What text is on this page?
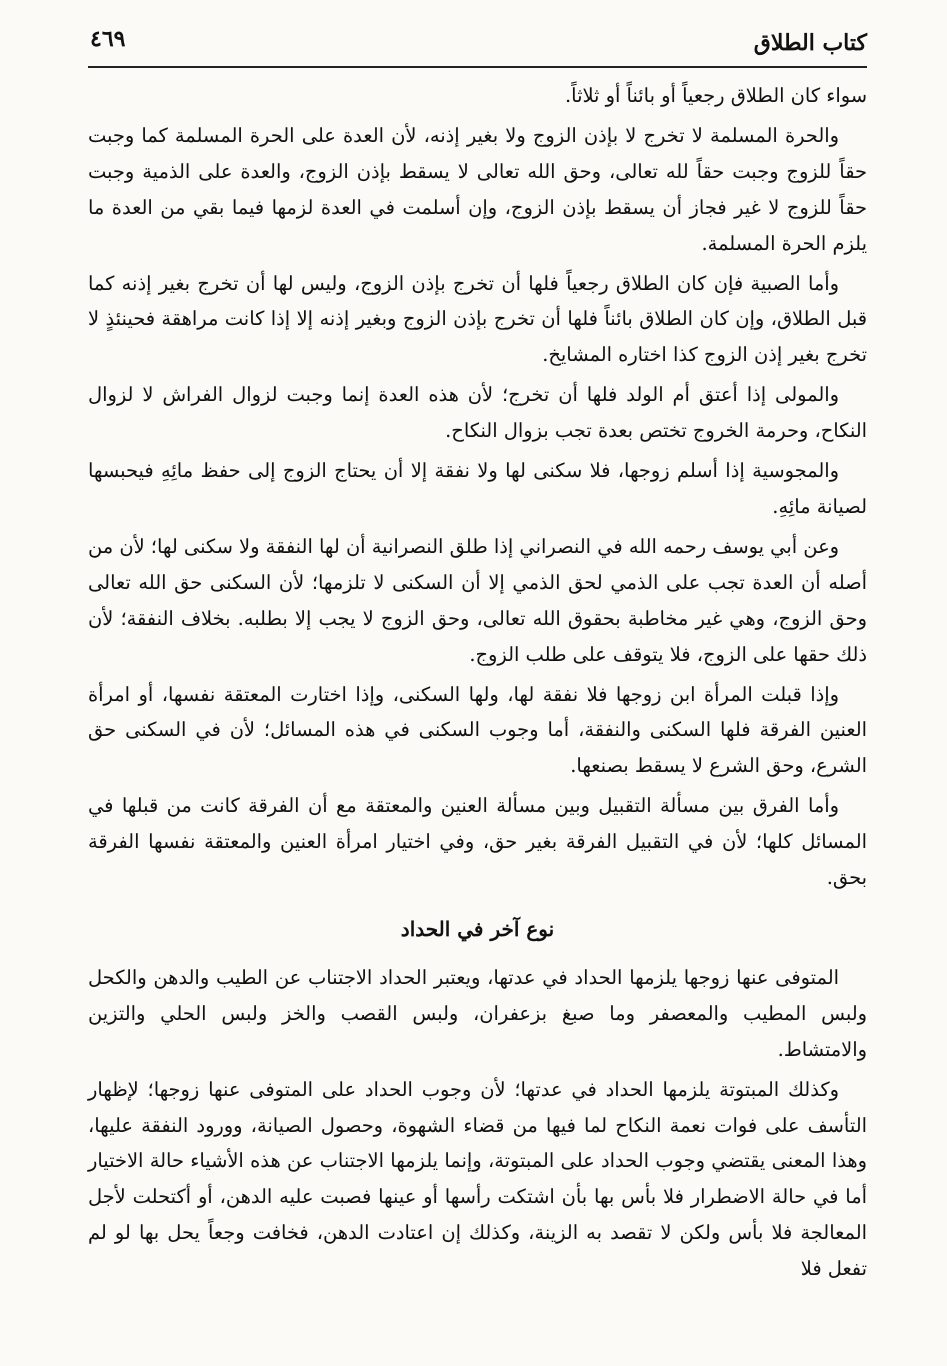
كتاب الطلاق
٤٦٩

سواء كان الطلاق رجعياً أو بائناً أو ثلاثاً.

والحرة المسلمة لا تخرج لا بإذن الزوج ولا بغير إذنه، لأن العدة على الحرة المسلمة كما وجبت حقاً للزوج وجبت حقاً لله تعالى، وحق الله تعالى لا يسقط بإذن الزوج، والعدة على الذمية وجبت حقاً للزوج لا غير فجاز أن يسقط بإذن الزوج، وإن أسلمت في العدة لزمها فيما بقي من العدة ما يلزم الحرة المسلمة.

وأما الصبية فإن كان الطلاق رجعياً فلها أن تخرج بإذن الزوج، وليس لها أن تخرج بغير إذنه كما قبل الطلاق، وإن كان الطلاق بائناً فلها أن تخرج بإذن الزوج وبغير إذنه إلا إذا كانت مراهقة فحينئذٍ لا تخرج بغير إذن الزوج كذا اختاره المشايخ.

والمولى إذا أعتق أم الولد فلها أن تخرج؛ لأن هذه العدة إنما وجبت لزوال الفراش لا لزوال النكاح، وحرمة الخروج تختص بعدة تجب بزوال النكاح.

والمجوسية إذا أسلم زوجها، فلا سكنى لها ولا نفقة إلا أن يحتاج الزوج إلى حفظ مائِهِ فيحبسها لصيانة مائِهِ.

وعن أبي يوسف رحمه الله في النصراني إذا طلق النصرانية أن لها النفقة ولا سكنى لها؛ لأن من أصله أن العدة تجب على الذمي لحق الذمي إلا أن السكنى لا تلزمها؛ لأن السكنى حق الله تعالى وحق الزوج، وهي غير مخاطبة بحقوق الله تعالى، وحق الزوج لا يجب إلا بطلبه. بخلاف النفقة؛ لأن ذلك حقها على الزوج، فلا يتوقف على طلب الزوج.

وإذا قبلت المرأة ابن زوجها فلا نفقة لها، ولها السكنى، وإذا اختارت المعتقة نفسها، أو امرأة العنين الفرقة فلها السكنى والنفقة، أما وجوب السكنى في هذه المسائل؛ لأن في السكنى حق الشرع، وحق الشرع لا يسقط بصنعها.

وأما الفرق بين مسألة التقبيل وبين مسألة العنين والمعتقة مع أن الفرقة كانت من قبلها في المسائل كلها؛ لأن في التقبيل الفرقة بغير حق، وفي اختيار امرأة العنين والمعتقة نفسها الفرقة بحق.

نوع آخر في الحداد

المتوفى عنها زوجها يلزمها الحداد في عدتها، ويعتبر الحداد الاجتناب عن الطيب والدهن والكحل ولبس المطيب والمعصفر وما صبغ بزعفران، ولبس القصب والخز ولبس الحلي والتزين والامتشاط.

وكذلك المبتوتة يلزمها الحداد في عدتها؛ لأن وجوب الحداد على المتوفى عنها زوجها؛ لإظهار التأسف على فوات نعمة النكاح لما فيها من قضاء الشهوة، وحصول الصيانة، وورود النفقة عليها، وهذا المعنى يقتضي وجوب الحداد على المبتوتة، وإنما يلزمها الاجتناب عن هذه الأشياء حالة الاختيار أما في حالة الاضطرار فلا بأس بها بأن اشتكت رأسها أو عينها فصبت عليه الدهن، أو أكتحلت لأجل المعالجة فلا بأس ولكن لا تقصد به الزينة، وكذلك إن اعتادت الدهن، فخافت وجعاً يحل بها لو لم تفعل فلا
